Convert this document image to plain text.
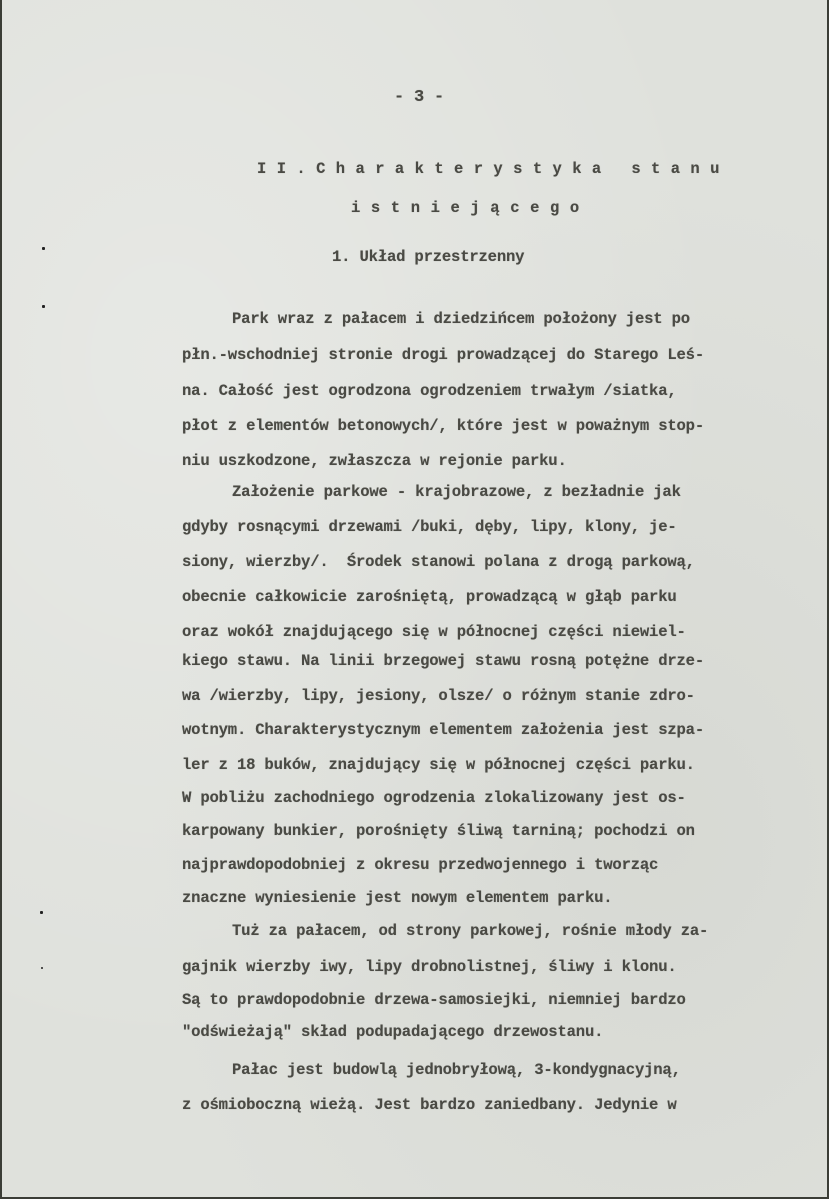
- 3 -
II.Charakterystyka stanu
istniejącego
1. Układ przestrzenny
Park wraz z pałacem i dziedzińcem położony jest po
płn.-wschodniej stronie drogi prowadzącej do Starego Leś-
na. Całość jest ogrodzona ogrodzeniem trwałym /siatka,
płot z elementów betonowych/, które jest w poważnym stop-
niu uszkodzone, zwłaszcza w rejonie parku.
Założenie parkowe - krajobrazowe, z bezładnie jak
gdyby rosnącymi drzewami /buki, dęby, lipy, klony, je-
siony, wierzby/.  Środek stanowi polana z drogą parkową,
obecnie całkowicie zarośniętą, prowadzącą w głąb parku
oraz wokół znajdującego się w północnej części niewiel-
kiego stawu. Na linii brzegowej stawu rosną potężne drze-
wa /wierzby, lipy, jesiony, olsze/ o różnym stanie zdro-
wotnym. Charakterystycznym elementem założenia jest szpa-
ler z 18 buków, znajdujący się w północnej części parku.
W pobliżu zachodniego ogrodzenia zlokalizowany jest os-
karpowany bunkier, porośnięty śliwą tarniną; pochodzi on
najprawdopodobniej z okresu przedwojennego i tworząc
znaczne wyniesienie jest nowym elementem parku.
Tuż za pałacem, od strony parkowej, rośnie młody za-
gajnik wierzby iwy, lipy drobnolistnej, śliwy i klonu.
Są to prawdopodobnie drzewa-samosiejki, niemniej bardzo
"odświeżają" skład podupadającego drzewostanu.
Pałac jest budowlą jednobryłową, 3-kondygnacyjną,
z ośmioboczną wieżą. Jest bardzo zaniedbany. Jedynie w
